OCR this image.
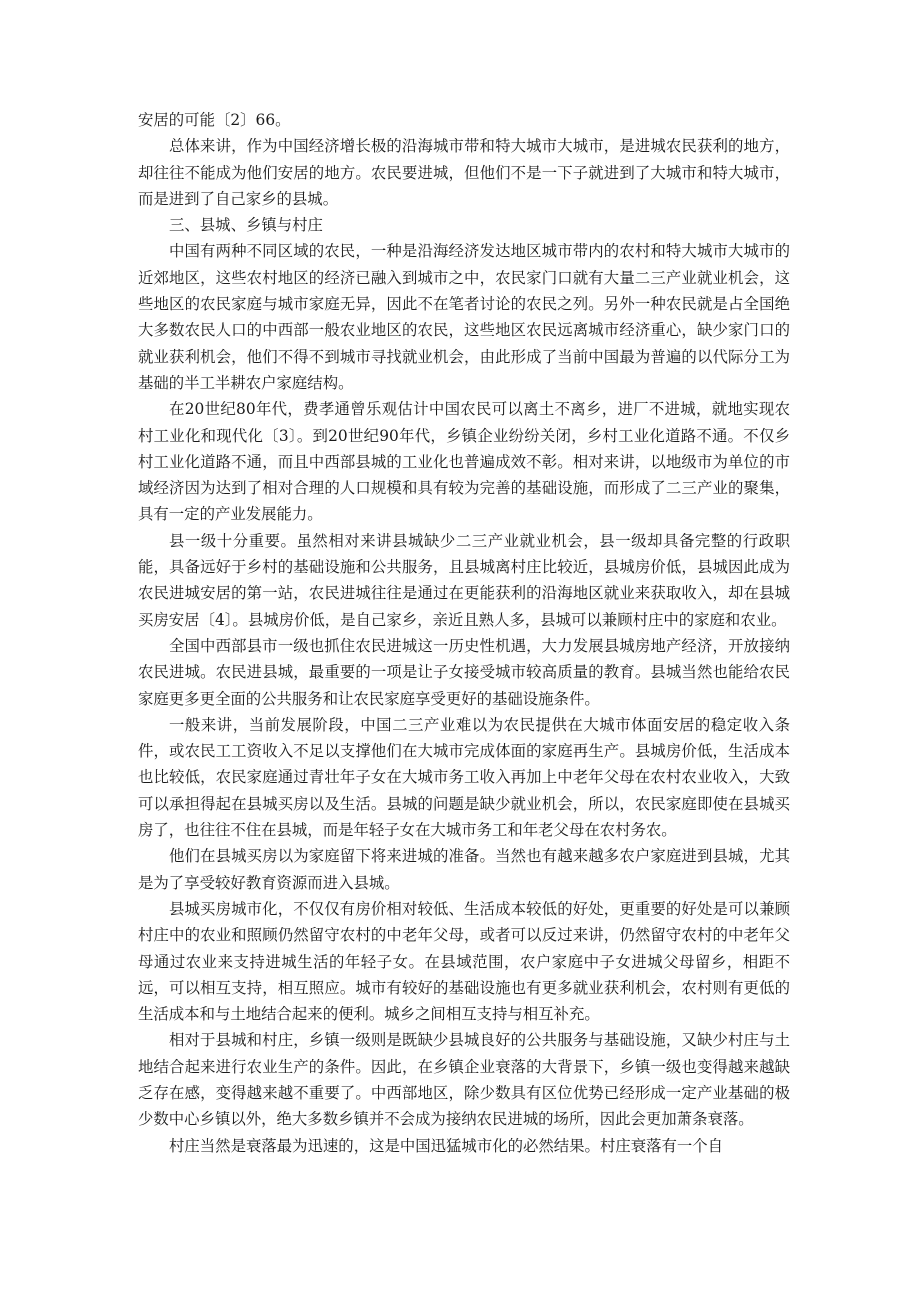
安居的可能〔2〕66。

总体来讲，作为中国经济增长极的沿海城市带和特大城市大城市，是进城农民获利的地方，却往往不能成为他们安居的地方。农民要进城，但他们不是一下子就进到了大城市和特大城市，而是进到了自己家乡的县城。

三、县城、乡镇与村庄

中国有两种不同区域的农民，一种是沿海经济发达地区城市带内的农村和特大城市大城市的近郊地区，这些农村地区的经济已融入到城市之中，农民家门口就有大量二三产业就业机会，这些地区的农民家庭与城市家庭无异，因此不在笔者讨论的农民之列。另外一种农民就是占全国绝大多数农民人口的中西部一般农业地区的农民，这些地区农民远离城市经济重心，缺少家门口的就业获利机会，他们不得不到城市寻找就业机会，由此形成了当前中国最为普遍的以代际分工为基础的半工半耕农户家庭结构。

在20世纪80年代，费孝通曾乐观估计中国农民可以离土不离乡，进厂不进城，就地实现农村工业化和现代化〔3〕。到20世纪90年代，乡镇企业纷纷关闭，乡村工业化道路不通。不仅乡村工业化道路不通，而且中西部县城的工业化也普遍成效不彰。相对来讲，以地级市为单位的市域经济因为达到了相对合理的人口规模和具有较为完善的基础设施，而形成了二三产业的聚集，具有一定的产业发展能力。

县一级十分重要。虽然相对来讲县城缺少二三产业就业机会，县一级却具备完整的行政职能，具备远好于乡村的基础设施和公共服务，且县城离村庄比较近，县城房价低，县城因此成为农民进城安居的第一站，农民进城往往是通过在更能获利的沿海地区就业来获取收入，却在县城买房安居〔4〕。县城房价低，是自己家乡，亲近且熟人多，县城可以兼顾村庄中的家庭和农业。

全国中西部县市一级也抓住农民进城这一历史性机遇，大力发展县城房地产经济，开放接纳农民进城。农民进县城，最重要的一项是让子女接受城市较高质量的教育。县城当然也能给农民家庭更多更全面的公共服务和让农民家庭享受更好的基础设施条件。

一般来讲，当前发展阶段，中国二三产业难以为农民提供在大城市体面安居的稳定收入条件，或农民工工资收入不足以支撑他们在大城市完成体面的家庭再生产。县城房价低，生活成本也比较低，农民家庭通过青壮年子女在大城市务工收入再加上中老年父母在农村农业收入，大致可以承担得起在县城买房以及生活。县城的问题是缺少就业机会，所以，农民家庭即使在县城买房了，也往往不住在县城，而是年轻子女在大城市务工和年老父母在农村务农。

他们在县城买房以为家庭留下将来进城的准备。当然也有越来越多农户家庭进到县城，尤其是为了享受较好教育资源而进入县城。

县城买房城市化，不仅仅有房价相对较低、生活成本较低的好处，更重要的好处是可以兼顾村庄中的农业和照顾仍然留守农村的中老年父母，或者可以反过来讲，仍然留守农村的中老年父母通过农业来支持进城生活的年轻子女。在县域范围，农户家庭中子女进城父母留乡，相距不远，可以相互支持，相互照应。城市有较好的基础设施也有更多就业获利机会，农村则有更低的生活成本和与土地结合起来的便利。城乡之间相互支持与相互补充。

相对于县城和村庄，乡镇一级则是既缺少县城良好的公共服务与基础设施，又缺少村庄与土地结合起来进行农业生产的条件。因此，在乡镇企业衰落的大背景下，乡镇一级也变得越来越缺乏存在感，变得越来越不重要了。中西部地区，除少数具有区位优势已经形成一定产业基础的极少数中心乡镇以外，绝大多数乡镇并不会成为接纳农民进城的场所，因此会更加萧条衰落。

村庄当然是衰落最为迅速的，这是中国迅猛城市化的必然结果。村庄衰落有一个自
